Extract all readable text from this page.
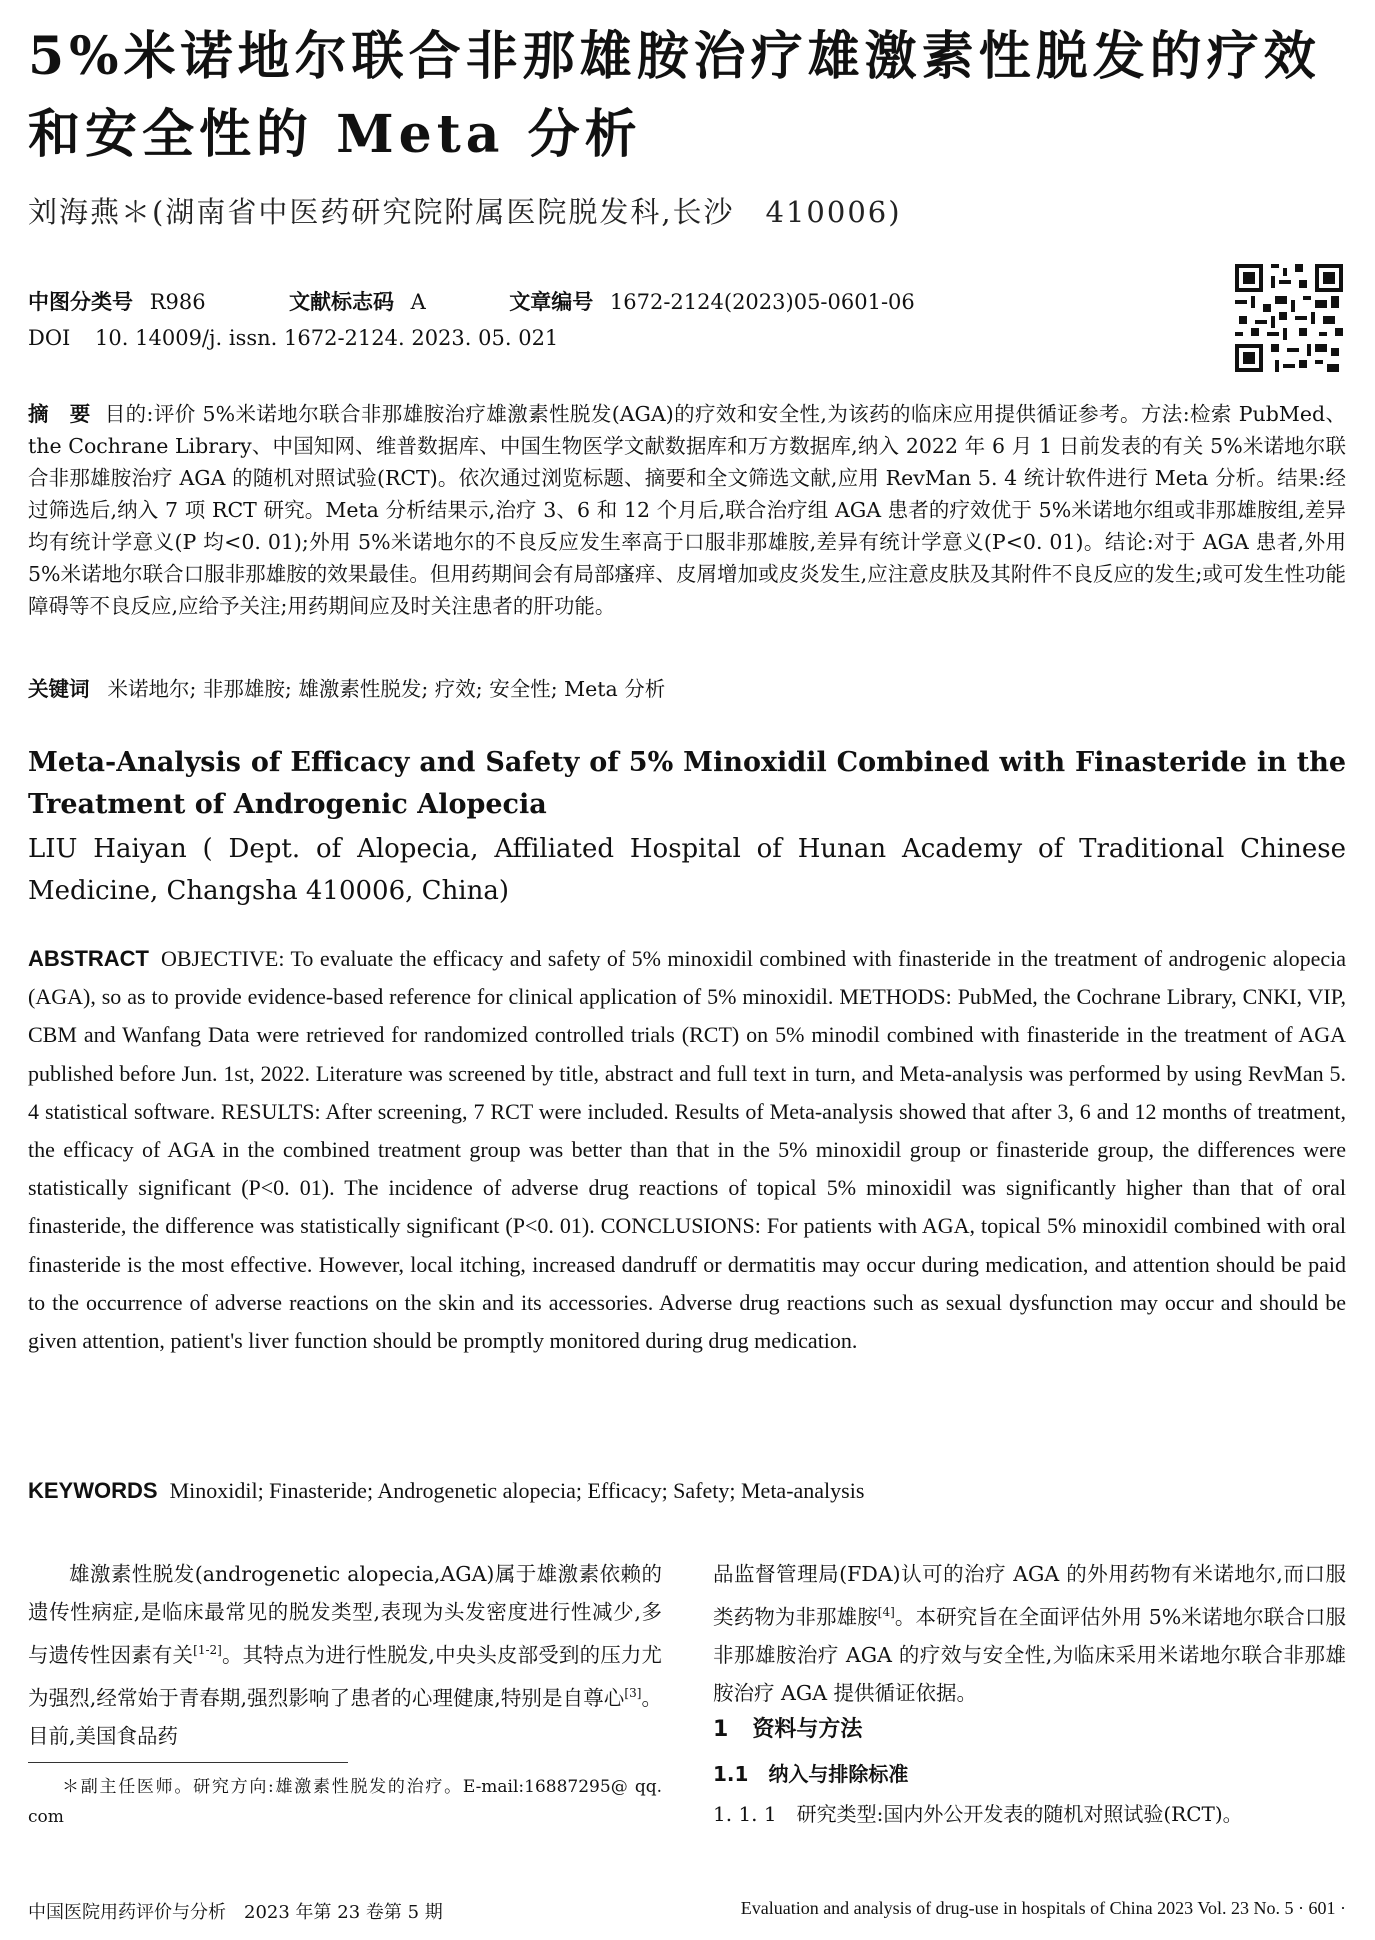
5%米诺地尔联合非那雄胺治疗雄激素性脱发的疗效和安全性的 Meta 分析
刘海燕＊(湖南省中医药研究院附属医院脱发科,长沙　410006)
中图分类号 R986	文献标志码 A	文章编号 1672-2124(2023)05-0601-06
DOI 10. 14009/j. issn. 1672-2124. 2023. 05. 021
摘　要 目的:评价 5%米诺地尔联合非那雄胺治疗雄激素性脱发(AGA)的疗效和安全性,为该药的临床应用提供循证参考。方法:检索 PubMed、the Cochrane Library、中国知网、维普数据库、中国生物医学文献数据库和万方数据库,纳入 2022 年 6 月 1 日前发表的有关 5%米诺地尔联合非那雄胺治疗 AGA 的随机对照试验(RCT)。依次通过浏览标题、摘要和全文筛选文献,应用 RevMan 5. 4 统计软件进行 Meta 分析。结果:经过筛选后,纳入 7 项 RCT 研究。Meta 分析结果示,治疗 3、6 和 12 个月后,联合治疗组 AGA 患者的疗效优于 5%米诺地尔组或非那雄胺组,差异均有统计学意义(P 均<0. 01);外用 5%米诺地尔的不良反应发生率高于口服非那雄胺,差异有统计学意义(P<0. 01)。结论:对于 AGA 患者,外用 5%米诺地尔联合口服非那雄胺的效果最佳。但用药期间会有局部瘙痒、皮屑增加或皮炎发生,应注意皮肤及其附件不良反应的发生;或可发生性功能障碍等不良反应,应给予关注;用药期间应及时关注患者的肝功能。
关键词 米诺地尔; 非那雄胺; 雄激素性脱发; 疗效; 安全性; Meta 分析
Meta-Analysis of Efficacy and Safety of 5% Minoxidil Combined with Finasteride in the Treatment of Androgenic Alopecia
LIU Haiyan ( Dept. of Alopecia, Affiliated Hospital of Hunan Academy of Traditional Chinese Medicine, Changsha 410006, China)
ABSTRACT OBJECTIVE: To evaluate the efficacy and safety of 5% minoxidil combined with finasteride in the treatment of androgenic alopecia (AGA), so as to provide evidence-based reference for clinical application of 5% minoxidil. METHODS: PubMed, the Cochrane Library, CNKI, VIP, CBM and Wanfang Data were retrieved for randomized controlled trials (RCT) on 5% minodil combined with finasteride in the treatment of AGA published before Jun. 1st, 2022. Literature was screened by title, abstract and full text in turn, and Meta-analysis was performed by using RevMan 5. 4 statistical software. RESULTS: After screening, 7 RCT were included. Results of Meta-analysis showed that after 3, 6 and 12 months of treatment, the efficacy of AGA in the combined treatment group was better than that in the 5% minoxidil group or finasteride group, the differences were statistically significant (P<0. 01). The incidence of adverse drug reactions of topical 5% minoxidil was significantly higher than that of oral finasteride, the difference was statistically significant (P<0. 01). CONCLUSIONS: For patients with AGA, topical 5% minoxidil combined with oral finasteride is the most effective. However, local itching, increased dandruff or dermatitis may occur during medication, and attention should be paid to the occurrence of adverse reactions on the skin and its accessories. Adverse drug reactions such as sexual dysfunction may occur and should be given attention, patient's liver function should be promptly monitored during drug medication.
KEYWORDS Minoxidil; Finasteride; Androgenetic alopecia; Efficacy; Safety; Meta-analysis
雄激素性脱发(androgenetic alopecia,AGA)属于雄激素依赖的遗传性病症,是临床最常见的脱发类型,表现为头发密度进行性减少,多与遗传性因素有关[1-2]。其特点为进行性脱发,中央头皮部受到的压力尤为强烈,经常始于青春期,强烈影响了患者的心理健康,特别是自尊心[3]。目前,美国食品药
＊副主任医师。研究方向:雄激素性脱发的治疗。E-mail:16887295@ qq. com
品监督管理局(FDA)认可的治疗 AGA 的外用药物有米诺地尔,而口服类药物为非那雄胺[4]。本研究旨在全面评估外用 5%米诺地尔联合口服非那雄胺治疗 AGA 的疗效与安全性,为临床采用米诺地尔联合非那雄胺治疗 AGA 提供循证依据。
1 资料与方法
1.1 纳入与排除标准
1. 1. 1 研究类型:国内外公开发表的随机对照试验(RCT)。
中国医院用药评价与分析　2023 年第 23 卷第 5 期	Evaluation and analysis of drug-use in hospitals of China 2023 Vol. 23 No. 5 · 601 ·
